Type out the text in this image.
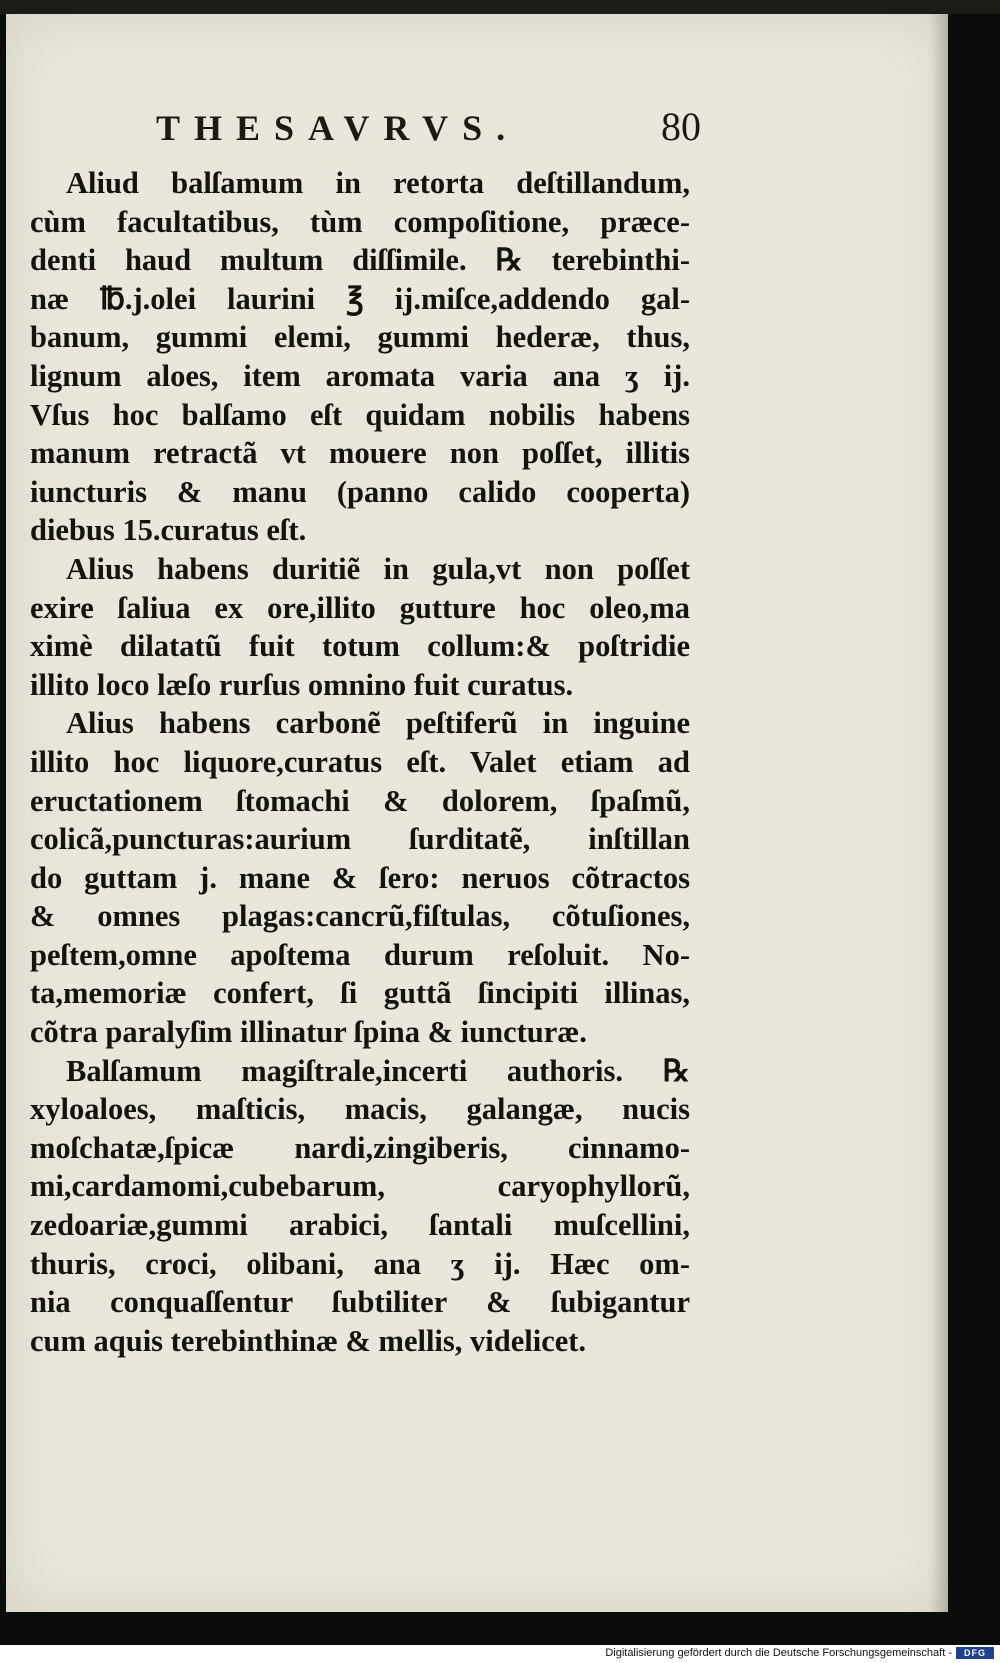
THESAVRVS.	80
Aliud balſamum in retorta deſtillandum,
cùm facultatibus, tùm compoſitione, præce-
denti haud multum diſſimile. ℞ terebinthi-
næ ℔.j.olei laurini ℥ ij.miſce,addendo gal-
banum, gummi elemi, gummi hederæ, thus,
lignum aloes, item aromata varia ana ʒ ij.
Vſus hoc balſamo eſt quidam nobilis habens
manum retractã vt mouere non poſſet, illitis
iuncturis & manu (panno calido cooperta)
diebus 15.curatus eſt.
Alius habens duritiẽ in gula,vt non poſſet
exire ſaliua ex ore,illito gutture hoc oleo,ma
ximè dilatatũ fuit totum collum:& poſtridie
illito loco læſo rurſus omnino fuit curatus.
Alius habens carbonẽ peſtiferũ in inguine
illito hoc liquore,curatus eſt. Valet etiam ad
eructationem ſtomachi & dolorem, ſpaſmũ,
colicã,puncturas:aurium ſurditatẽ, inſtillan
do guttam j. mane & ſero: neruos cõtractos
& omnes plagas:cancrũ,fiſtulas, cõtuſiones,
peſtem,omne apoſtema durum reſoluit. No-
ta,memoriæ confert, ſi guttã ſincipiti illinas,
cõtra paralyſim illinatur ſpina & iuncturæ.
Balſamum magiſtrale,incerti authoris. ℞
xyloaloes, maſticis, macis, galangæ, nucis
moſchatæ,ſpicæ nardi,zingiberis, cinnamo-
mi,cardamomi,cubebarum, caryophyllorũ,
zedoariæ,gummi arabici, ſantali muſcellini,
thuris, croci, olibani, ana ʒ ij. Hæc om-
nia conquaſſentur ſubtiliter & ſubigantur
cum aquis terebinthinæ & mellis, videlicet.
Digitalisierung gefördert durch die Deutsche Forschungsgemeinschaft -	DFG
